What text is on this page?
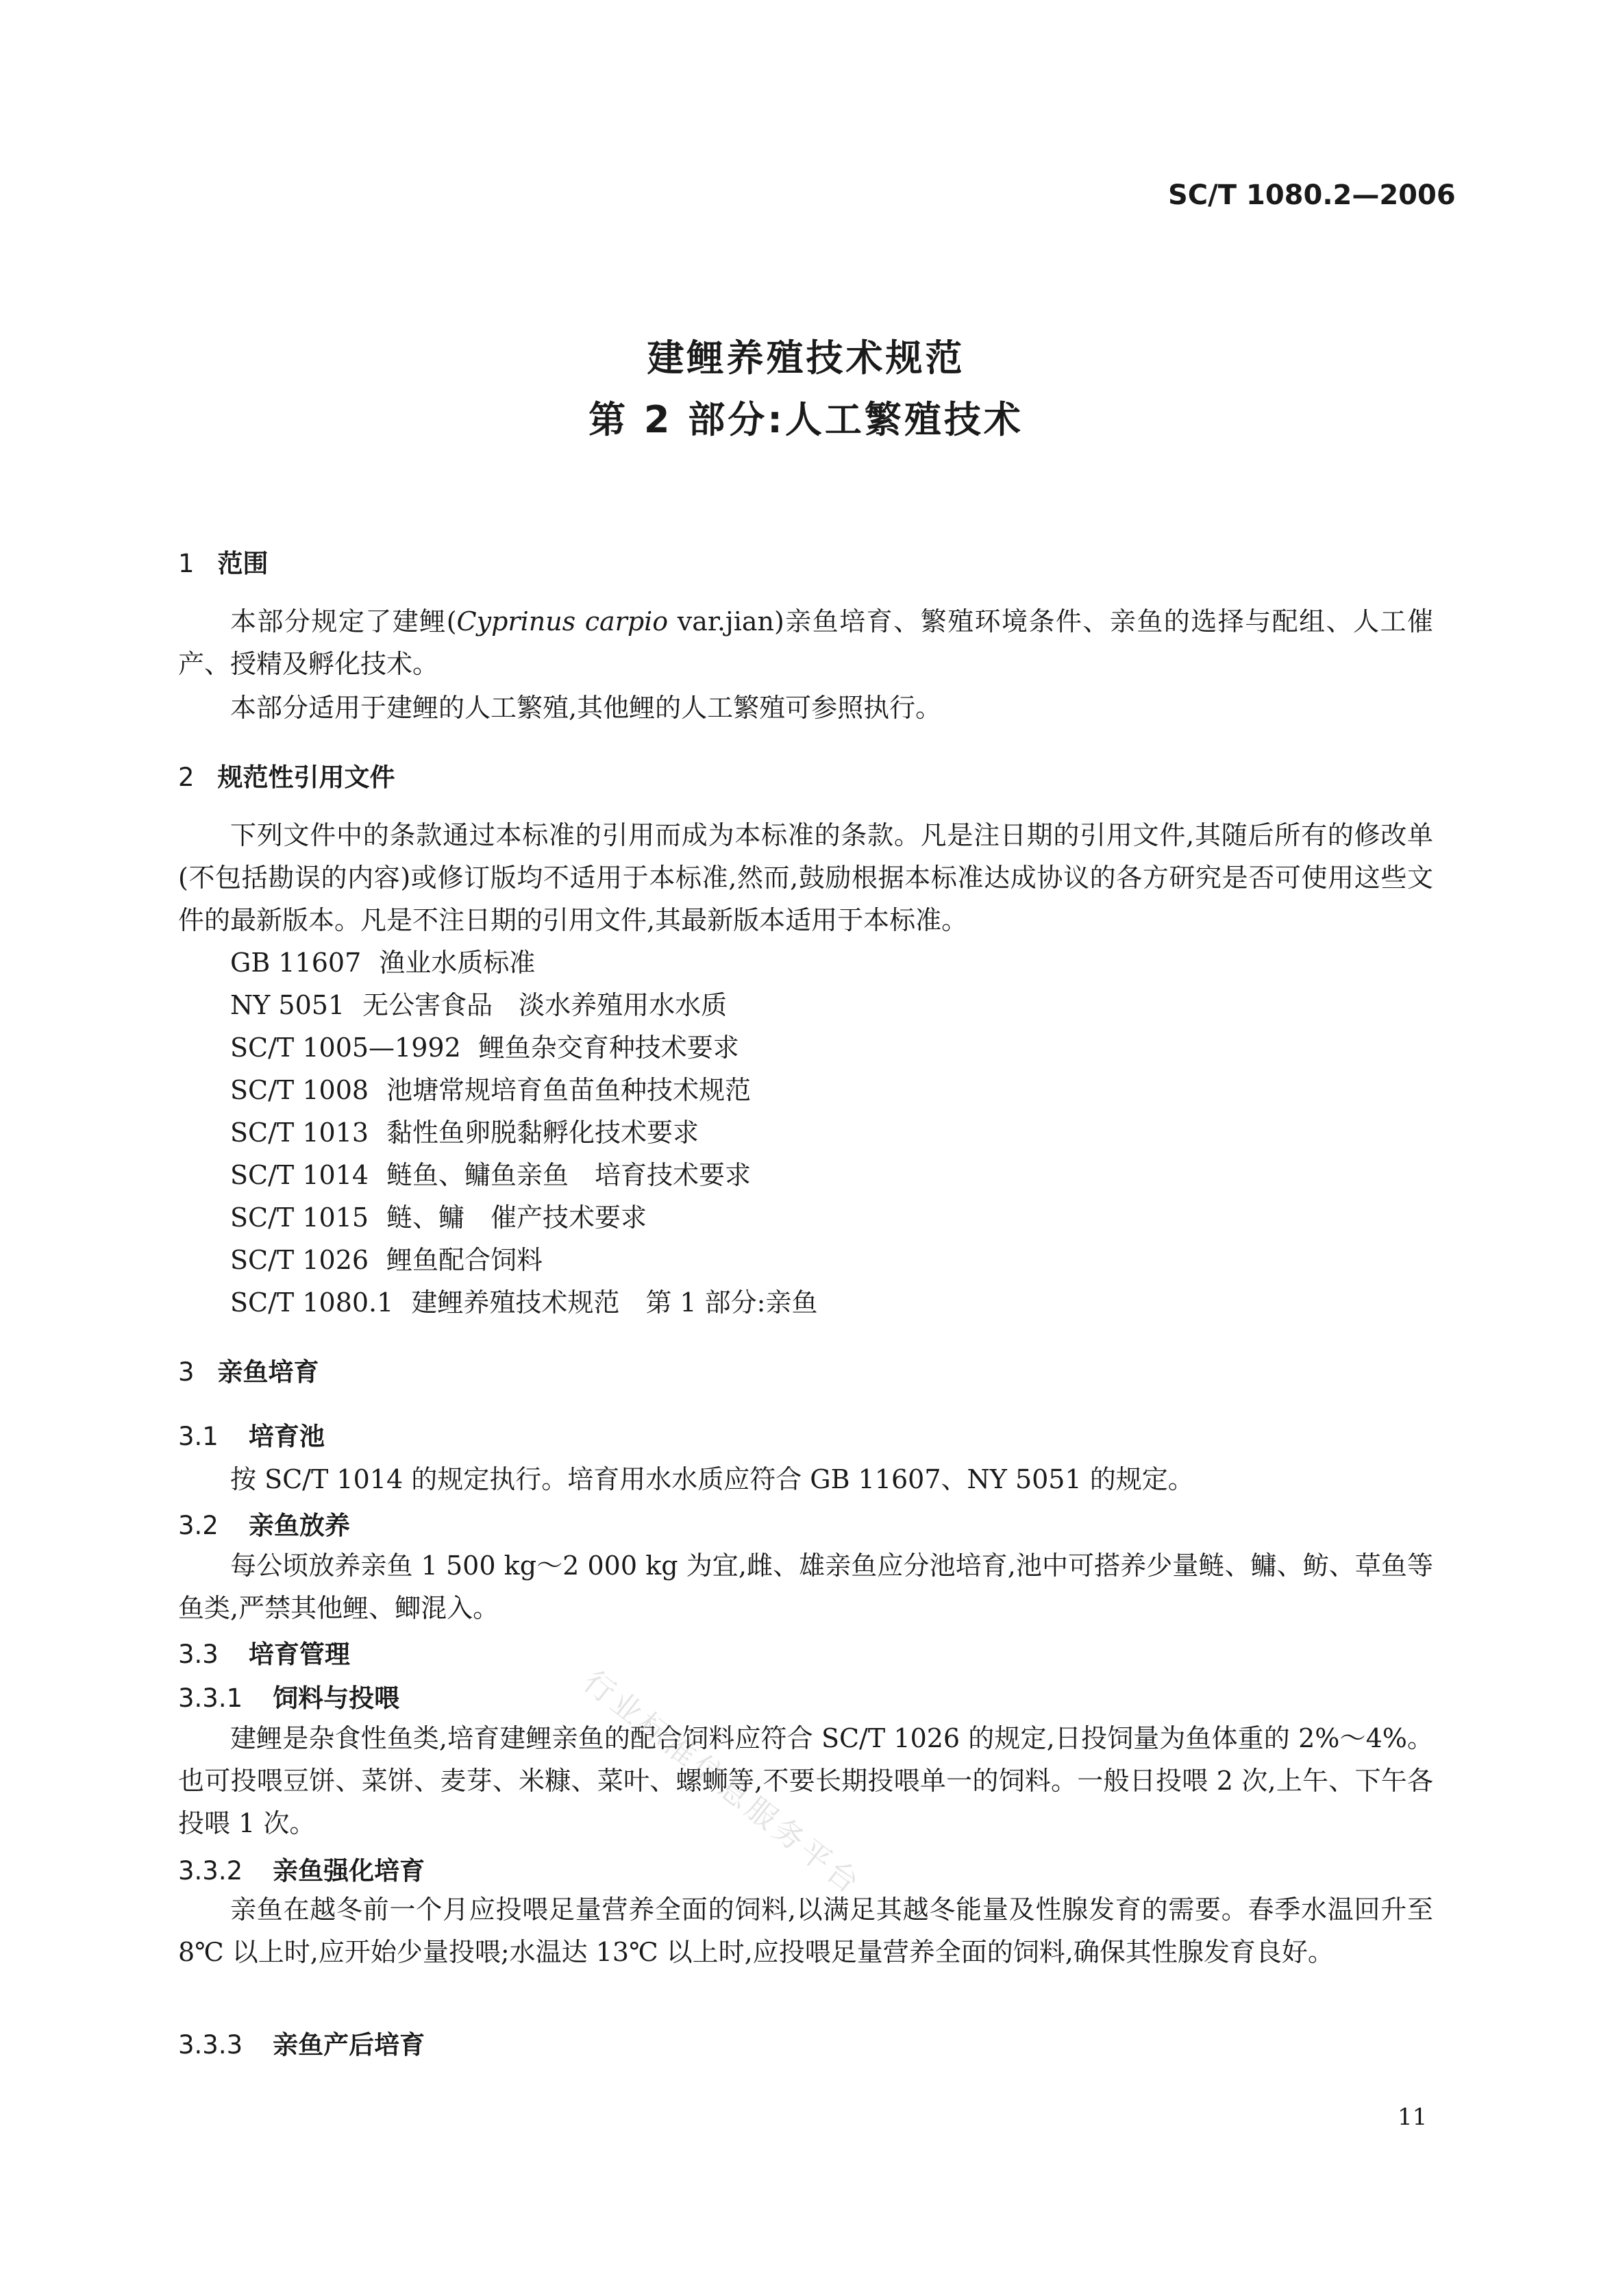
SC/T 1080.2—2006
建鲤养殖技术规范
第 2 部分:人工繁殖技术
1 范围
本部分规定了建鲤(Cyprinus carpio var.jian)亲鱼培育、繁殖环境条件、亲鱼的选择与配组、人工催产、授精及孵化技术。
本部分适用于建鲤的人工繁殖,其他鲤的人工繁殖可参照执行。
2 规范性引用文件
下列文件中的条款通过本标准的引用而成为本标准的条款。凡是注日期的引用文件,其随后所有的修改单(不包括勘误的内容)或修订版均不适用于本标准,然而,鼓励根据本标准达成协议的各方研究是否可使用这些文件的最新版本。凡是不注日期的引用文件,其最新版本适用于本标准。
GB 11607 渔业水质标准
NY 5051 无公害食品　淡水养殖用水水质
SC/T 1005—1992 鲤鱼杂交育种技术要求
SC/T 1008 池塘常规培育鱼苗鱼种技术规范
SC/T 1013 黏性鱼卵脱黏孵化技术要求
SC/T 1014 鲢鱼、鳙鱼亲鱼　培育技术要求
SC/T 1015 鲢、鳙　催产技术要求
SC/T 1026 鲤鱼配合饲料
SC/T 1080.1 建鲤养殖技术规范　第 1 部分:亲鱼
3 亲鱼培育
3.1 培育池
按 SC/T 1014 的规定执行。培育用水水质应符合 GB 11607、NY 5051 的规定。
3.2 亲鱼放养
每公顷放养亲鱼 1 500 kg～2 000 kg 为宜,雌、雄亲鱼应分池培育,池中可搭养少量鲢、鳙、鲂、草鱼等鱼类,严禁其他鲤、鲫混入。
3.3 培育管理
3.3.1 饲料与投喂
建鲤是杂食性鱼类,培育建鲤亲鱼的配合饲料应符合 SC/T 1026 的规定,日投饲量为鱼体重的 2%～4%。也可投喂豆饼、菜饼、麦芽、米糠、菜叶、螺蛳等,不要长期投喂单一的饲料。一般日投喂 2 次,上午、下午各投喂 1 次。
3.3.2 亲鱼强化培育
亲鱼在越冬前一个月应投喂足量营养全面的饲料,以满足其越冬能量及性腺发育的需要。春季水温回升至 8℃ 以上时,应开始少量投喂;水温达 13℃ 以上时,应投喂足量营养全面的饲料,确保其性腺发育良好。
3.3.3 亲鱼产后培育
行业标准信息服务平台
11
